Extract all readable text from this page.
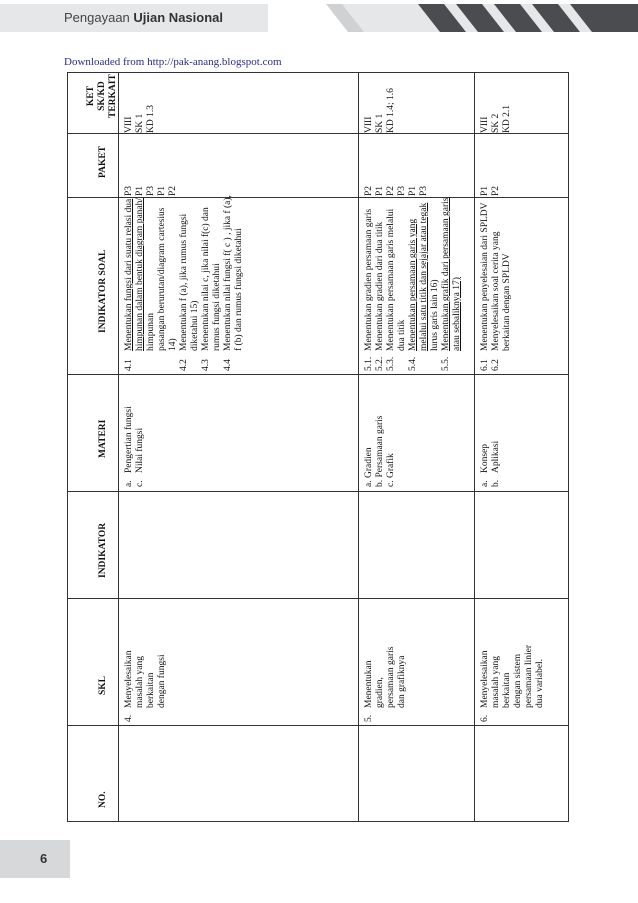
Pengayaan Ujian Nasional
Downloaded from http://pak-anang.blogspot.com
KET SK/KD TERKAIT
PAKET
INDIKATOR SOAL
MATERI
INDIKATOR
SKL
NO.
VIII SK 1 KD 1.3
P3 P1 P3 P1 P2
4.1Menentukan fungsi dari suatu relasi dua himpunan dalam bentuk diagram panah/ himpunan pasangan berurutan/diagram cartesius 14)
4.2Menentukan f (a), jika rumus fungsi diketahui 15)
4.3Menentukan nilai c, jika nilai f(c) dan rumus fungsi diketahui
4.4Menentukan nilai fungsi f( c ) , jika f (a), f (b) dan rumus fungsi diketahui
a.Pengertian fungsi
c.Nilai fungsi
4.Menyelesaikan masalah yang berkaitan dengan fungsi
VIII SK 1 KD 1.4; 1.6
P2 P1 P2 P3 P1 P3
5.1.Menentukan gradien persamaan garis
5.2.Menentukan gradien dari dua titik
5.3.Menentukan persamaan garis melalui dua titik
5.4.Menentukan persamaan garis yang melalui satu titik dan sejajar atau tegak lurus garis lain 16)
5.5.Menentukan grafik dari persamaan garis atau sebaliknya 17)
a. Gradien b. Persamaan garis c. Grafik
5.Menentukan gradien, persamaan garis dan grafiknya
VIII SK 2 KD 2.1
P1 P2
6.1Menentukan penyelesaian dari SPLDV
6.2Menyelesaikan soal cerita yang berkaitan dengan SPLDV
a.Konsep
b.Aplikasi
6.Menyelesaikan masalah yang berkaitan dengan sistem persamaan linier dua variabel.
6
